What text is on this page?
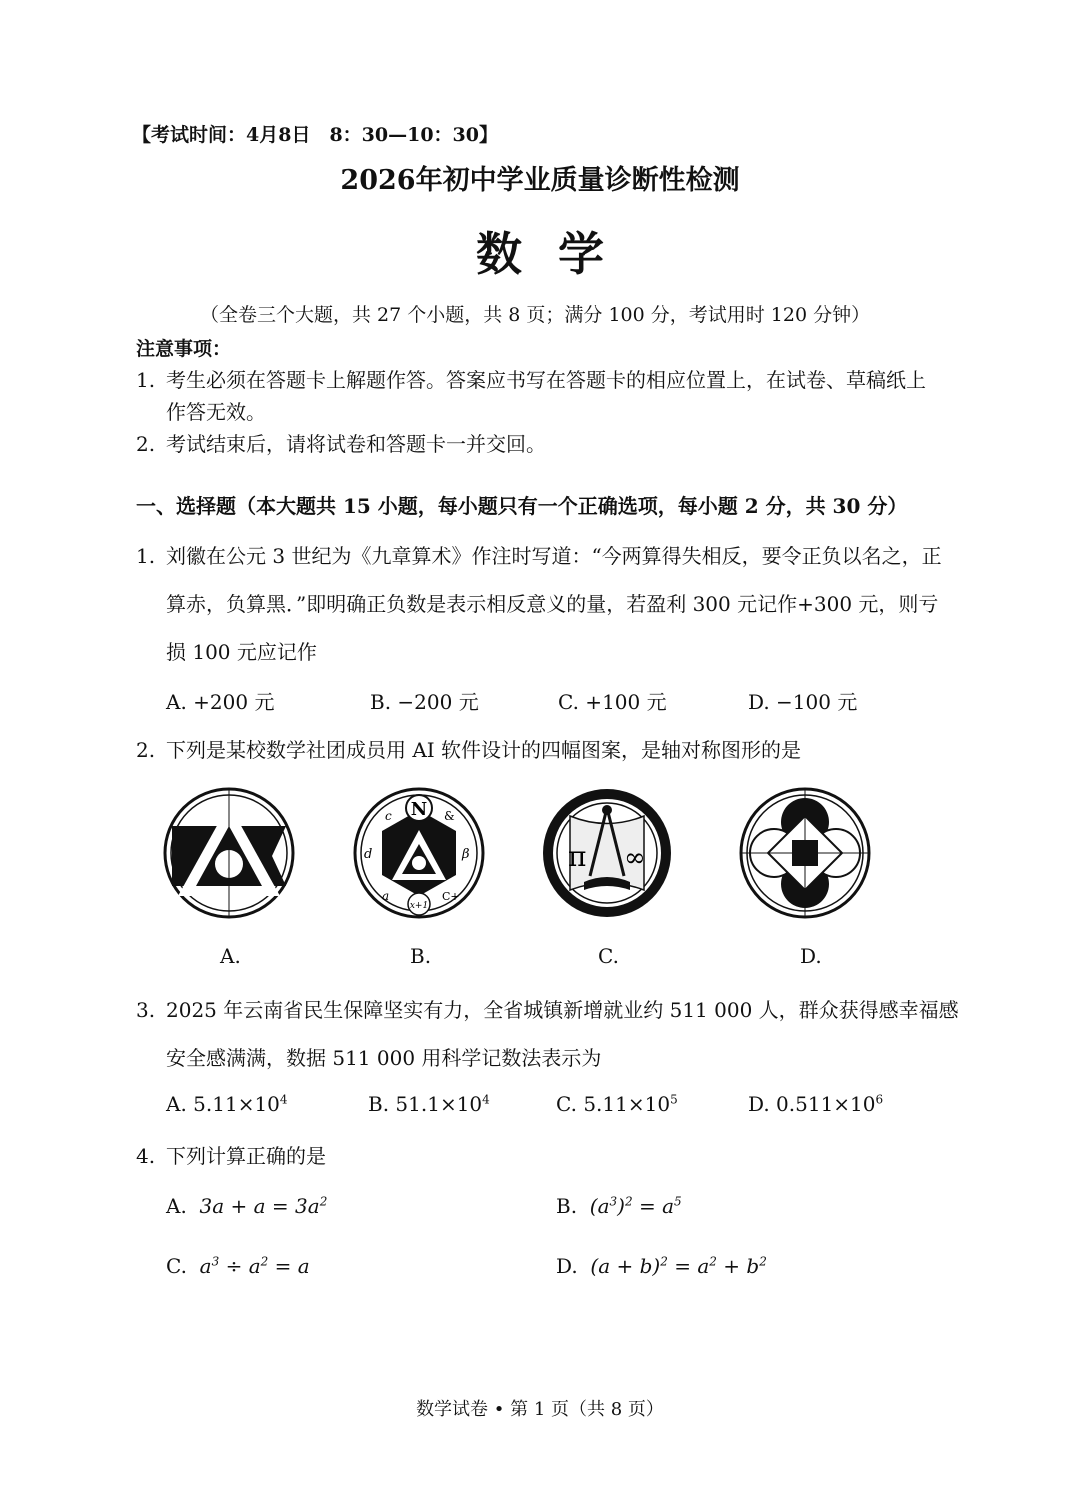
【考试时间：4月8日　8：30—10：30】
2026年初中学业质量诊断性检测
数学
（全卷三个大题，共 27 个小题，共 8 页；满分 100 分，考试用时 120 分钟）
注意事项：
1. 考生必须在答题卡上解题作答。答案应书写在答题卡的相应位置上，在试卷、草稿纸上
作答无效。
2. 考试结束后，请将试卷和答题卡一并交回。
一、选择题（本大题共 15 小题，每小题只有一个正确选项，每小题 2 分，共 30 分）
1. 刘徽在公元 3 世纪为《九章算术》作注时写道：“今两算得失相反，要令正负以名之，正
算赤，负算黑．”即明确正负数是表示相反意义的量，若盈利 300 元记作+300 元，则亏
损 100 元应记作
A. +200 元	B. −200 元	C. +100 元	D. −100 元
2. 下列是某校数学社团成员用 AI 软件设计的四幅图案，是轴对称图形的是
N
c	&
d	β
a	C+
x+1
π ∞
A.	B.	C.	D.
3. 2025 年云南省民生保障坚实有力，全省城镇新增就业约 511 000 人，群众获得感幸福感
安全感满满，数据 511 000 用科学记数法表示为
A. $5.11\times 10^4$	B. $51.1\times 10^4$	C. $5.11\times 10^5$	D. $0.511\times 10^6$
4. 下列计算正确的是
A. $3a + a = 3a^2$	B. $(a^3)^2 = a^5$
C. $a^3 \div a^2 = a$	D. $(a + b)^2 = a^2 + b^2$
数学试卷 • 第 1 页（共 8 页）
